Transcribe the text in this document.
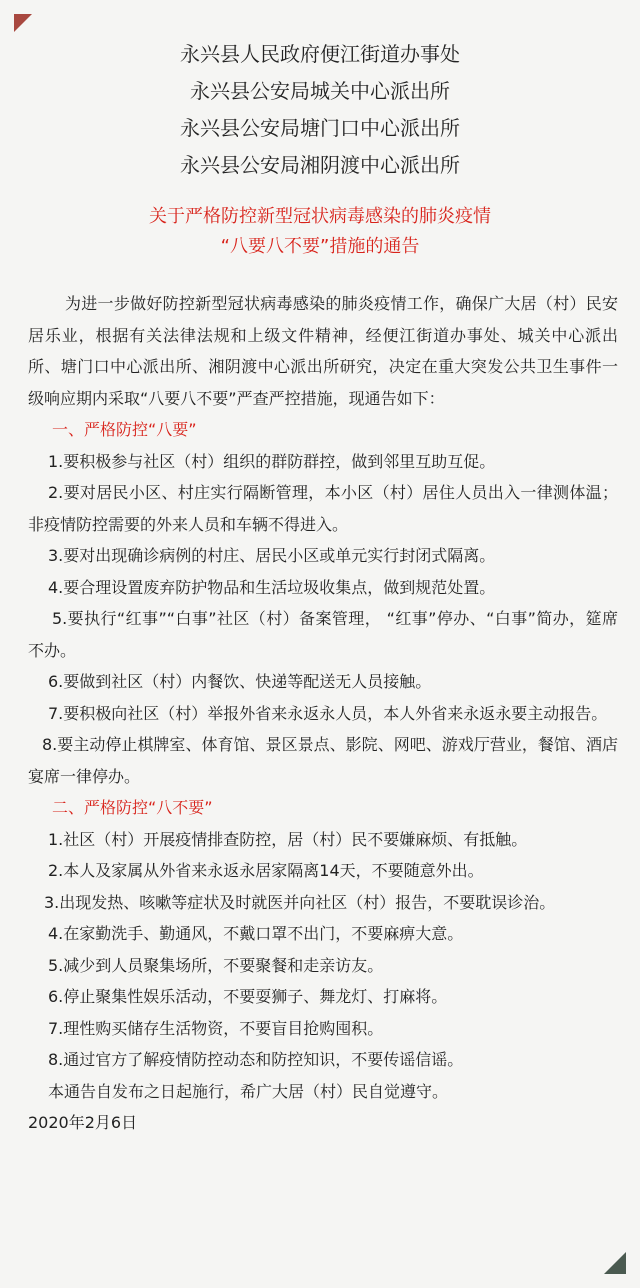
永兴县人民政府便江街道办事处
永兴县公安局城关中心派出所
永兴县公安局塘门口中心派出所
永兴县公安局湘阴渡中心派出所
关于严格防控新型冠状病毒感染的肺炎疫情
“八要八不要”措施的通告

为进一步做好防控新型冠状病毒感染的肺炎疫情工作，确保广大居（村）民安居乐业，根据有关法律法规和上级文件精神，经便江街道办事处、城关中心派出所、塘门口中心派出所、湘阴渡中心派出所研究，决定在重大突发公共卫生事件一级响应期内采取“八要八不要”严查严控措施，现通告如下：

一、严格防控“八要”

1.要积极参与社区（村）组织的群防群控，做到邻里互助互促。

2.要对居民小区、村庄实行隔断管理，本小区（村）居住人员出入一律测体温；非疫情防控需要的外来人员和车辆不得进入。

3.要对出现确诊病例的村庄、居民小区或单元实行封闭式隔离。

4.要合理设置废弃防护物品和生活垃圾收集点，做到规范处置。

5.要执行“红事”“白事”社区（村）备案管理， “红事”停办、“白事”简办，筵席不办。

6.要做到社区（村）内餐饮、快递等配送无人员接触。

7.要积极向社区（村）举报外省来永返永人员，本人外省来永返永要主动报告。

8.要主动停止棋牌室、体育馆、景区景点、影院、网吧、游戏厅营业，餐馆、酒店宴席一律停办。

二、严格防控“八不要”

1.社区（村）开展疫情排查防控，居（村）民不要嫌麻烦、有抵触。

2.本人及家属从外省来永返永居家隔离14天，不要随意外出。

3.出现发热、咳嗽等症状及时就医并向社区（村）报告，不要耽误诊治。

4.在家勤洗手、勤通风，不戴口罩不出门，不要麻痹大意。

5.减少到人员聚集场所，不要聚餐和走亲访友。

6.停止聚集性娱乐活动，不要耍狮子、舞龙灯、打麻将。

7.理性购买储存生活物资，不要盲目抢购囤积。

8.通过官方了解疫情防控动态和防控知识，不要传谣信谣。

本通告自发布之日起施行，希广大居（村）民自觉遵守。

2020年2月6日
